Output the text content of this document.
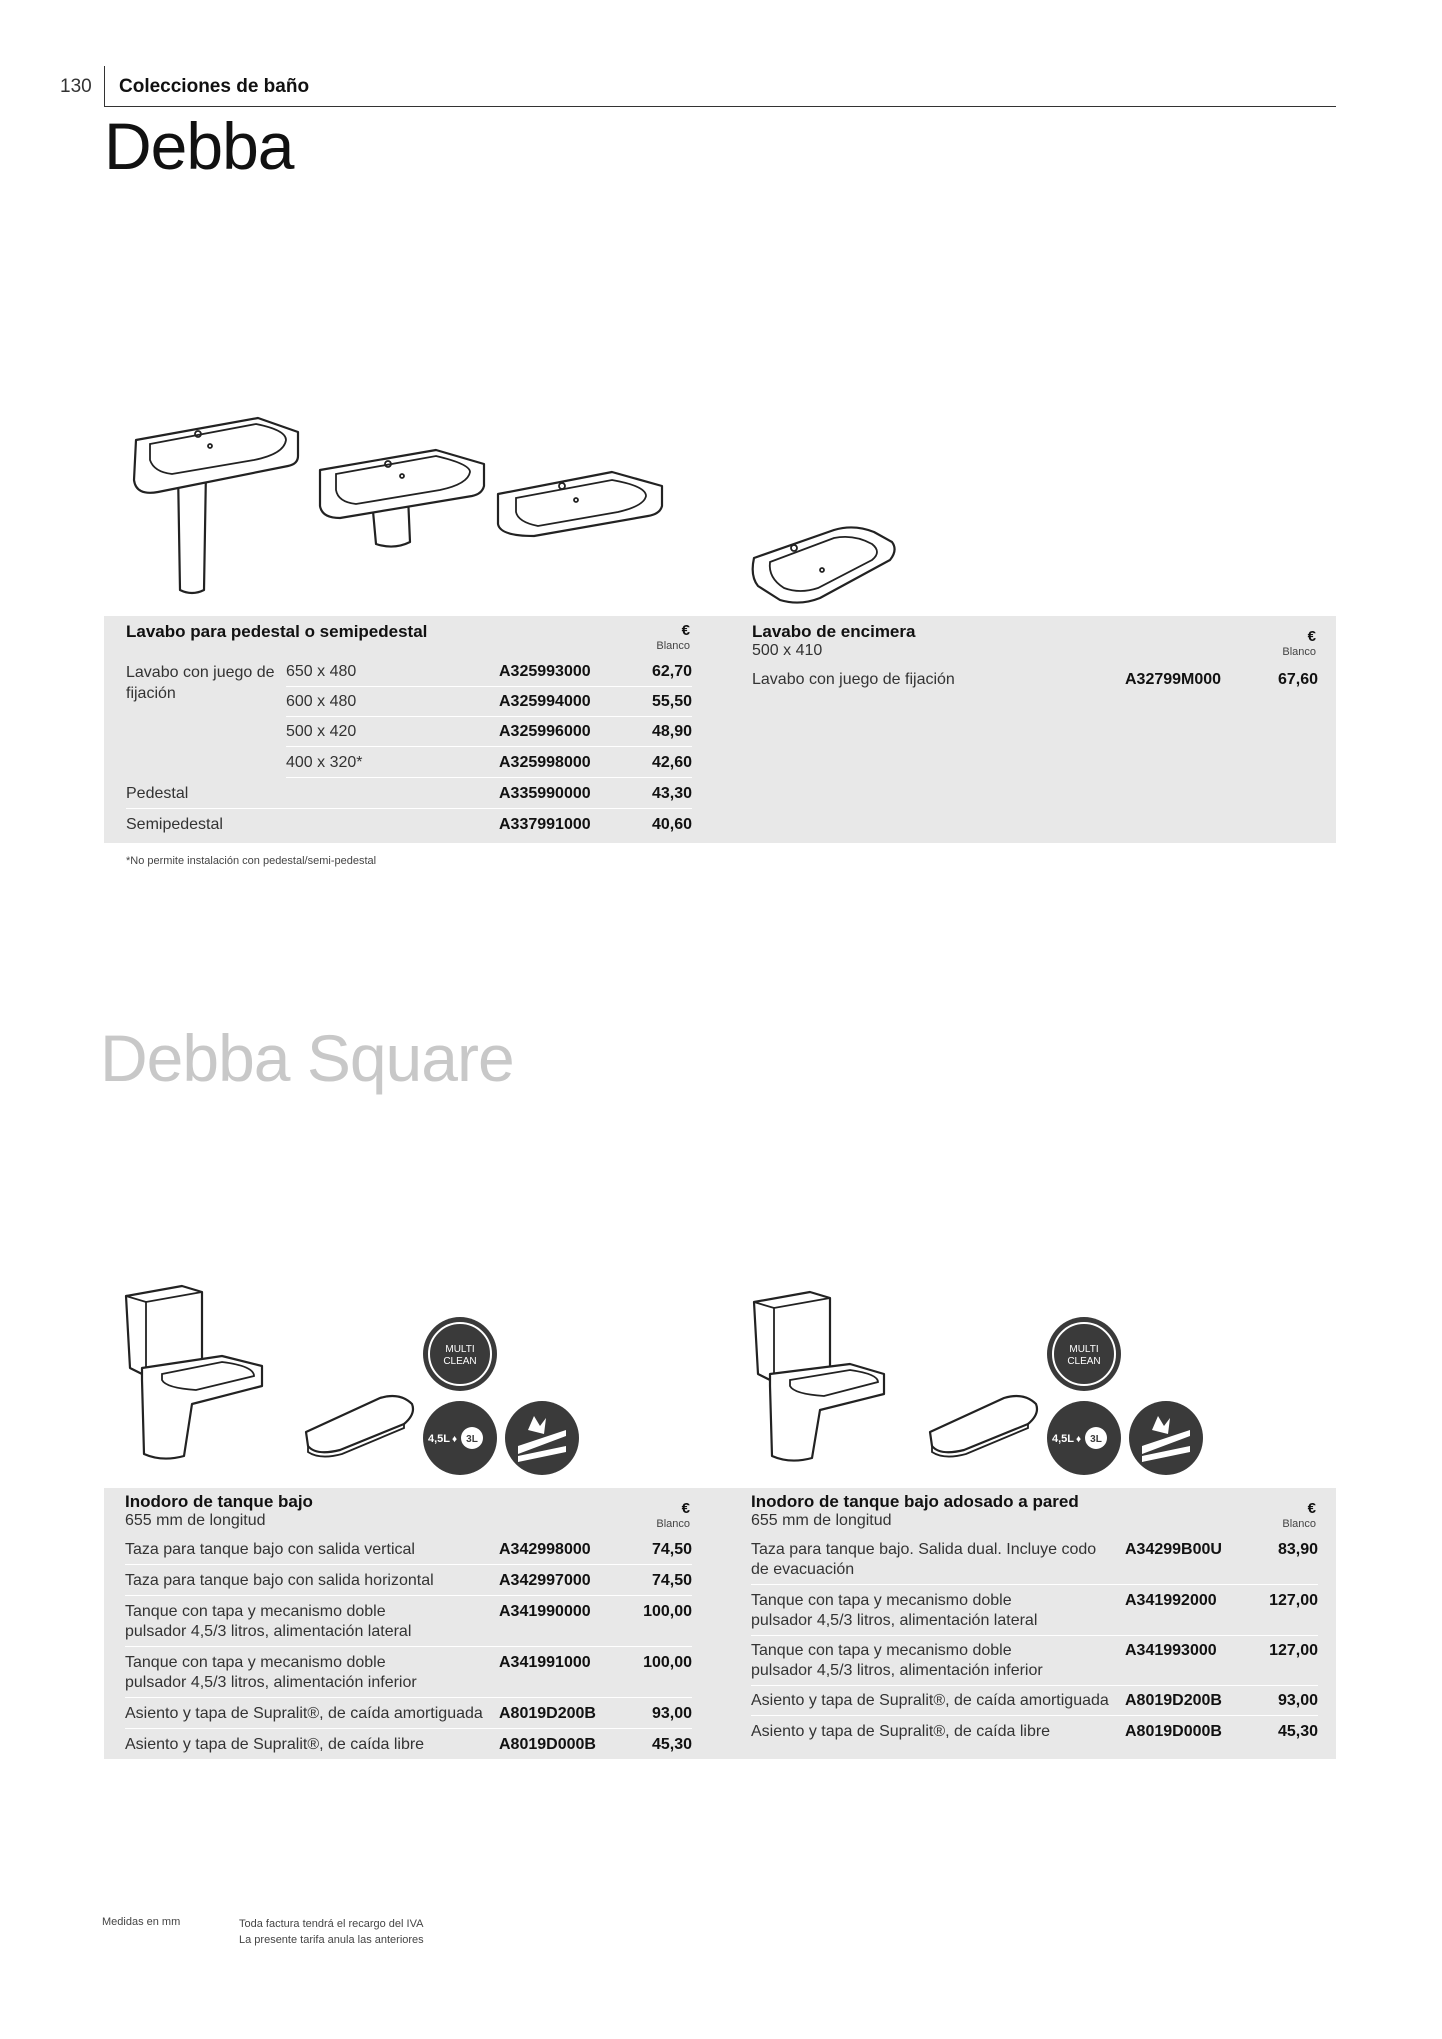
130 Colecciones de baño
Debba
Lavabo para pedestal o semipedestal	€
Blanco
Lavabo con juego de fijación
650 x 480	A325993000	62,70
600 x 480	A325994000	55,50
500 x 420	A325996000	48,90
400 x 320*	A325998000	42,60
Pedestal	A335990000	43,30
Semipedestal	A337991000	40,60
Lavabo de encimera
500 x 410
€
Blanco
Lavabo con juego de fijación	A32799M000	67,60
*No permite instalación con pedestal/semi-pedestal
Debba Square
MULTI
CLEAN
4,5L ♦ 3L
MULTI
CLEAN
4,5L ♦ 3L
Inodoro de tanque bajo
655 mm de longitud
€
Blanco
Taza para tanque bajo con salida vertical	A342998000	74,50
Taza para tanque bajo con salida horizontal	A342997000	74,50
Tanque con tapa y mecanismo doble
pulsador 4,5/3 litros, alimentación lateral
A341990000	100,00
Tanque con tapa y mecanismo doble
pulsador 4,5/3 litros, alimentación inferior
A341991000	100,00
Asiento y tapa de Supralit®, de caída amortiguada A8019D200B	93,00
Asiento y tapa de Supralit®, de caída libre	A8019D000B	45,30
Inodoro de tanque bajo adosado a pared
655 mm de longitud
€
Blanco
Taza para tanque bajo. Salida dual. Incluye codo
de evacuación
A34299B00U	83,90
Tanque con tapa y mecanismo doble
pulsador 4,5/3 litros, alimentación lateral
A341992000	127,00
Tanque con tapa y mecanismo doble
pulsador 4,5/3 litros, alimentación inferior
A341993000	127,00
Asiento y tapa de Supralit®, de caída amortiguada A8019D200B	93,00
Asiento y tapa de Supralit®, de caída libre	A8019D000B	45,30
Medidas en mm	Toda factura tendrá el recargo del IVA
La presente tarifa anula las anteriores
